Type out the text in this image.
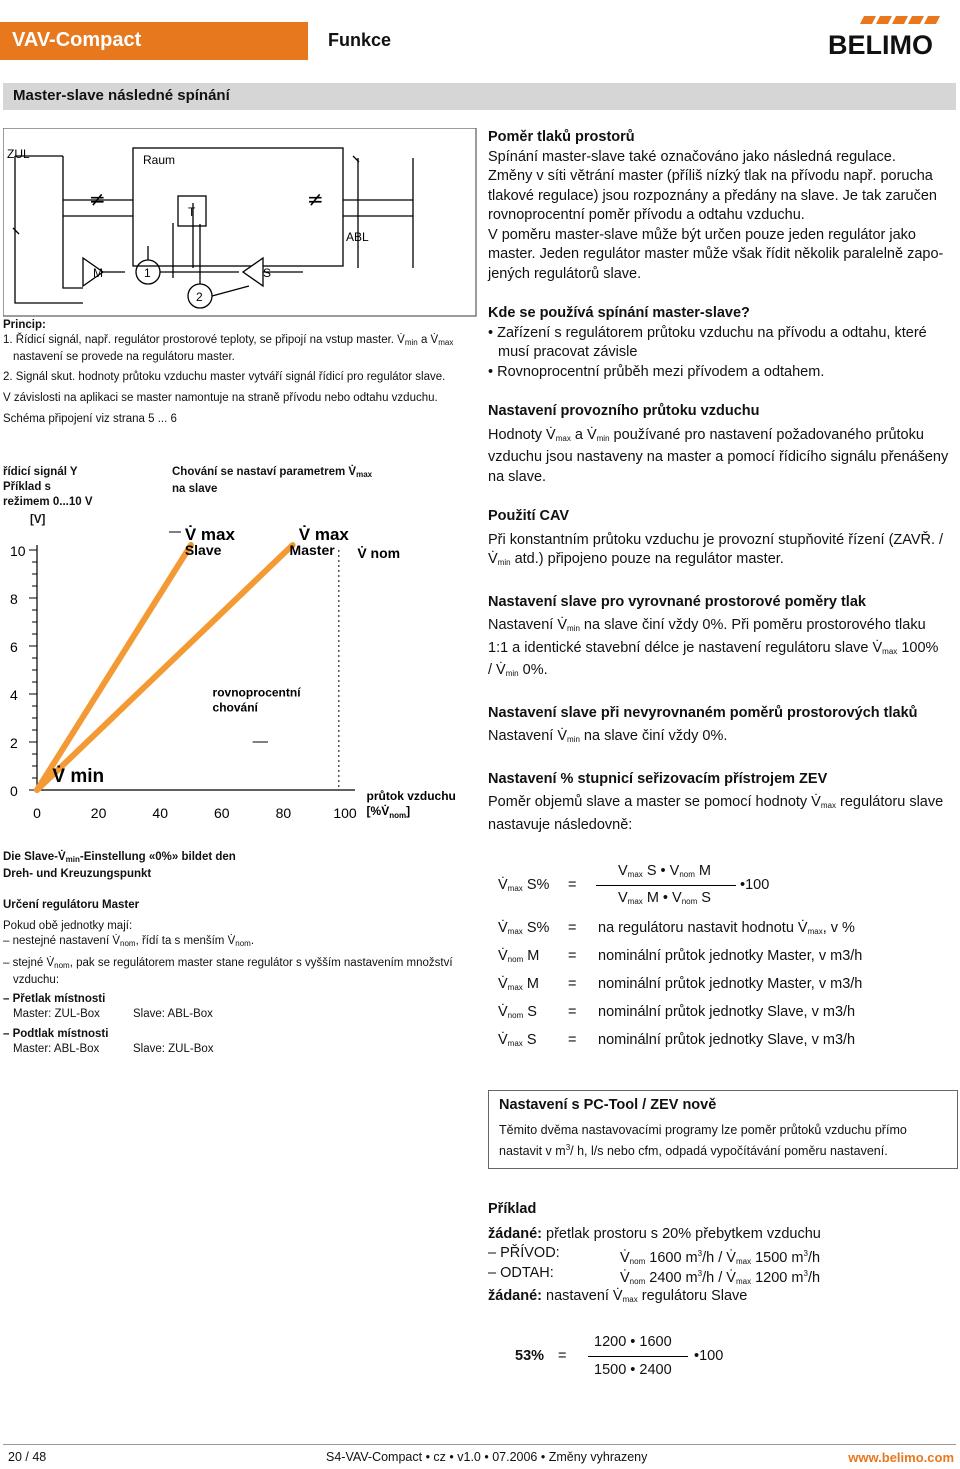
VAV-Compact	Funkce	BELIMO
Master-slave následné spínání
ZUL	Raum
ABL
T
M	1
2
S
≠	≠
Princip:
1. Řídicí signál, např. regulátor prostorové teploty, se připojí na vstup master. $V̇_{min}$ a $V̇_{max}$
nastavení se provede na regulátoru master.
2. Signál skut. hodnoty průtoku vzduchu master vytváří signál řídicí pro regulátor slave.
V závislosti na aplikaci se master namontuje na straně přívodu nebo odtahu vzduchu.
Schéma připojení viz strana 5 ... 6
řídicí signál Y
Příklad s
režimem 0...10 V
[V]
Chování se nastaví parametrem $V̇_{max}$
na slave
0
2
4
6
8
10
0	20	40	60	80	100
V̇ max
Slave
V̇ max
Master V̇ nom
V̇ min
rovnoprocentní
chování
průtok vzduchu
$[\%V̇_{nom}]$
Die Slave-$V̇_{min}$-Einstellung «0%» bildet den
Dreh- und Kreuzungspunkt
Určení regulátoru Master
Pokud obě jednotky mají:
– nestejné nastavení $V̇_{nom}$, řídí ta s menším $V̇_{nom}$.
– stejné $V̇_{nom}$, pak se regulátorem master stane regulátor s vyšším nastavením množství
vzduchu:
– Přetlak místnosti
Master: ZUL-Box	Slave: ABL-Box
– Podtlak místnosti
Master: ABL-Box	Slave: ZUL-Box
Poměr tlaků prostorů
Spínání master-slave také označováno jako následná regulace.
Změny v síti větrání master (příliš nízký tlak na přívodu např. porucha
tlakové regulace) jsou rozpoznány a předány na slave. Je tak zaručen
rovnoprocentní poměr přívodu a odtahu vzduchu.
V poměru master-slave může být určen pouze jeden regulátor jako
master. Jeden regulátor master může však řídit několik paralelně zapo-
jených regulátorů slave.
Kde se používá spínání master-slave?
• Zařízení s regulátorem průtoku vzduchu na přívodu a odtahu, které
musí pracovat závisle
• Rovnoprocentní průběh mezi přívodem a odtahem.
Nastavení provozního průtoku vzduchu
Hodnoty $V̇_{max}$ a $V̇_{min}$ používané pro nastavení požadovaného průtoku
vzduchu jsou nastaveny na master a pomocí řídicího signálu přenášeny
na slave.
Použití CAV
Při konstantním průtoku vzduchu je provozní stupňovité řízení (ZAVŘ. /
$V̇_{min}$ atd.) připojeno pouze na regulátor master.
Nastavení slave pro vyrovnané prostorové poměry tlak
Nastavení $V̇_{min}$ na slave činí vždy 0%. Při poměru prostorového tlaku
1:1 a identické stavební délce je nastavení regulátoru slave $V̇_{max}$ 100%
/ $V̇_{min}$ 0%.
Nastavení slave při nevyrovnaném poměrů prostorových tlaků
Nastavení $V̇_{min}$ na slave činí vždy 0%.
Nastavení % stupnicí seřizovacím přístrojem ZEV
Poměr objemů slave a master se pomocí hodnoty $V̇_{max}$ regulátoru slave
nastavuje následovně:
$V̇_{max}$ S% =
$V_{max}$ S • $V_{nom}$ M
$V_{max}$ M • $V_{nom}$ S
•100
$V̇_{max}$ S% = na regulátoru nastavit hodnotu $V̇_{max}$, v %
$V̇_{nom}$ M = nominální průtok jednotky Master, v m3/h
$V̇_{max}$ M = nominální průtok jednotky Master, v m3/h
$V̇_{nom}$ S = nominální průtok jednotky Slave, v m3/h
$V̇_{max}$ S = nominální průtok jednotky Slave, v m3/h
Nastavení s PC-Tool / ZEV nově
Těmito dvěma nastavovacími programy lze poměr průtoků vzduchu přímo
nastavit v $m^3/$ h, l/s nebo cfm, odpadá vypočítávání poměru nastavení.
Příklad
žádané: přetlak prostoru s 20% přebytkem vzduchu
– PŘÍVOD:	$V̇_{nom}$ 1600 $m^3/h$ / $V̇_{max}$ 1500 $m^3/h$
– ODTAH:	$V̇_{nom}$ 2400 $m^3/h$ / $V̇_{max}$ 1200 $m^3/h$
žádané: nastavení $V̇_{max}$ regulátoru Slave
53% =
1200 • 1600
1500 • 2400
•100
20 / 48	S4-VAV-Compact • cz • v1.0 • 07.2006 • Změny vyhrazeny	www.belimo.com
